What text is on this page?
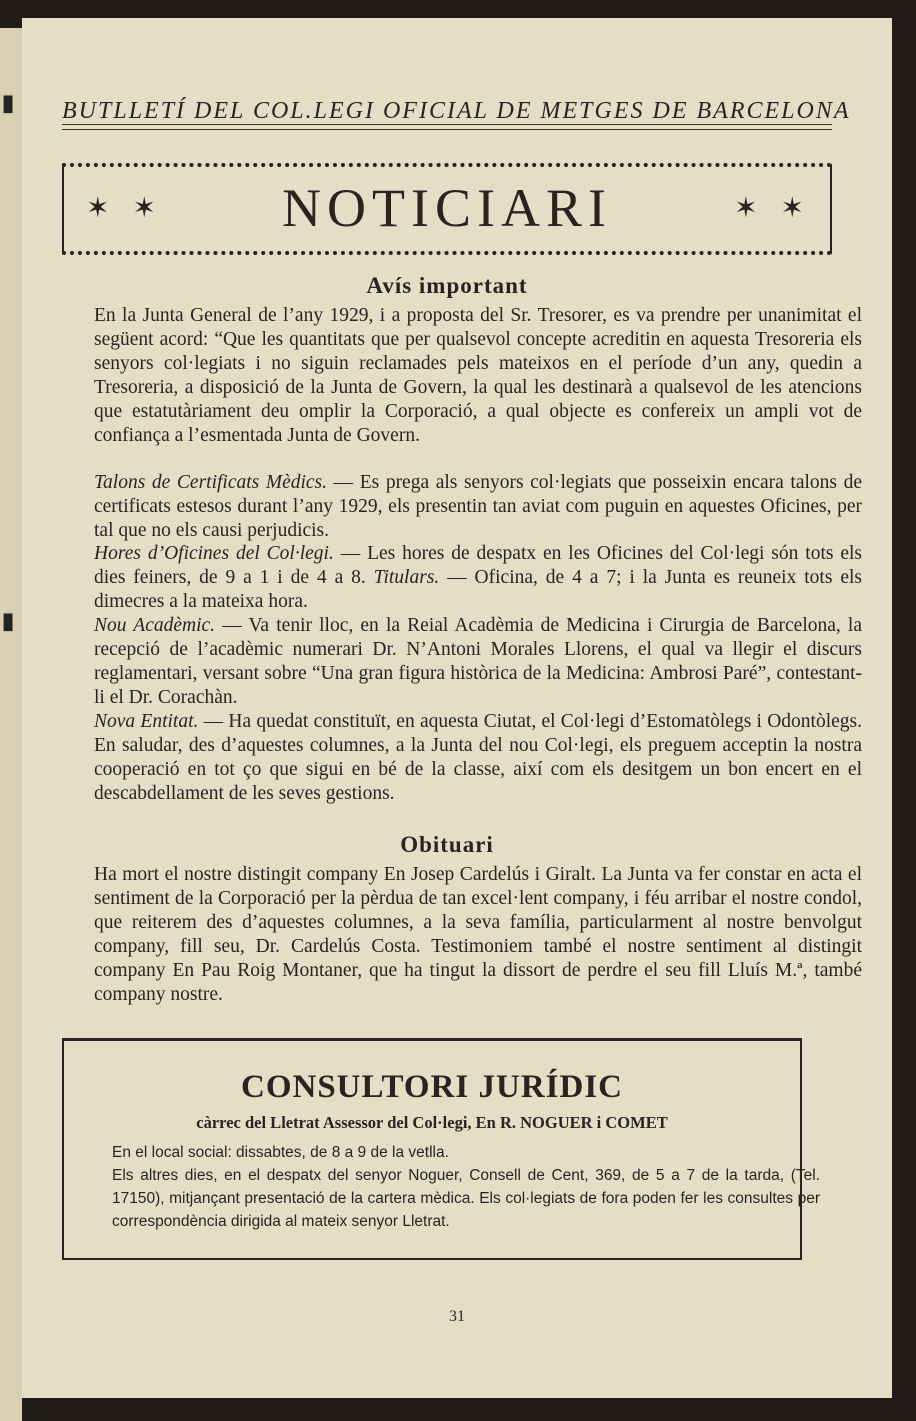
▮
▮
BUTLLETÍ DEL COL.LEGI OFICIAL DE METGES DE BARCELONA
✶ ✶	NOTICIARI	✶ ✶
Avís important
En la Junta General de l’any 1929, i a proposta del Sr. Tresorer, es va prendre per unanimitat el següent acord: “Que les quantitats que per qualsevol concepte acreditin en aquesta Tresoreria els senyors col·legiats i no siguin reclamades pels mateixos en el període d’un any, quedin a Tresoreria, a disposició de la Junta de Govern, la qual les destinarà a qualsevol de les atencions que estatutàriament deu omplir la Corporació, a qual objecte es confereix un ampli vot de confiança a l’esmentada Junta de Govern.
Talons de Certificats Mèdics. — Es prega als senyors col·legiats que posseixin encara talons de certificats estesos durant l’any 1929, els presentin tan aviat com puguin en aquestes Oficines, per tal que no els causi perjudicis.
Hores d’Oficines del Col·legi. — Les hores de despatx en les Oficines del Col·legi són tots els dies feiners, de 9 a 1 i de 4 a 8. Titulars. — Oficina, de 4 a 7; i la Junta es reuneix tots els dimecres a la mateixa hora.
Nou Acadèmic. — Va tenir lloc, en la Reial Acadèmia de Medicina i Cirurgia de Barcelona, la recepció de l’acadèmic numerari Dr. N’Antoni Morales Llorens, el qual va llegir el discurs reglamentari, versant sobre “Una gran figura històrica de la Medicina: Ambrosi Paré”, contestant-li el Dr. Corachàn.
Nova Entitat. — Ha quedat constituït, en aquesta Ciutat, el Col·legi d’Estomatòlegs i Odontòlegs. En saludar, des d’aquestes columnes, a la Junta del nou Col·legi, els preguem acceptin la nostra cooperació en tot ço que sigui en bé de la classe, així com els desitgem un bon encert en el descabdellament de les seves gestions.
Obituari
Ha mort el nostre distingit company En Josep Cardelús i Giralt. La Junta va fer constar en acta el sentiment de la Corporació per la pèrdua de tan excel·lent company, i féu arribar el nostre condol, que reiterem des d’aquestes columnes, a la seva família, particularment al nostre benvolgut company, fill seu, Dr. Cardelús Costa. Testimoniem també el nostre sentiment al distingit company En Pau Roig Montaner, que ha tingut la dissort de perdre el seu fill Lluís M.ª, també company nostre.
CONSULTORI JURÍDIC
càrrec del Lletrat Assessor del Col·legi, En R. NOGUER i COMET
En el local social: dissabtes, de 8 a 9 de la vetlla.
Els altres dies, en el despatx del senyor Noguer, Consell de Cent, 369, de 5 a 7 de la tarda, (Tel. 17150), mitjançant presentació de la cartera mèdica. Els col·legiats de fora poden fer les consultes per correspondència dirigida al mateix senyor Lletrat.
31
